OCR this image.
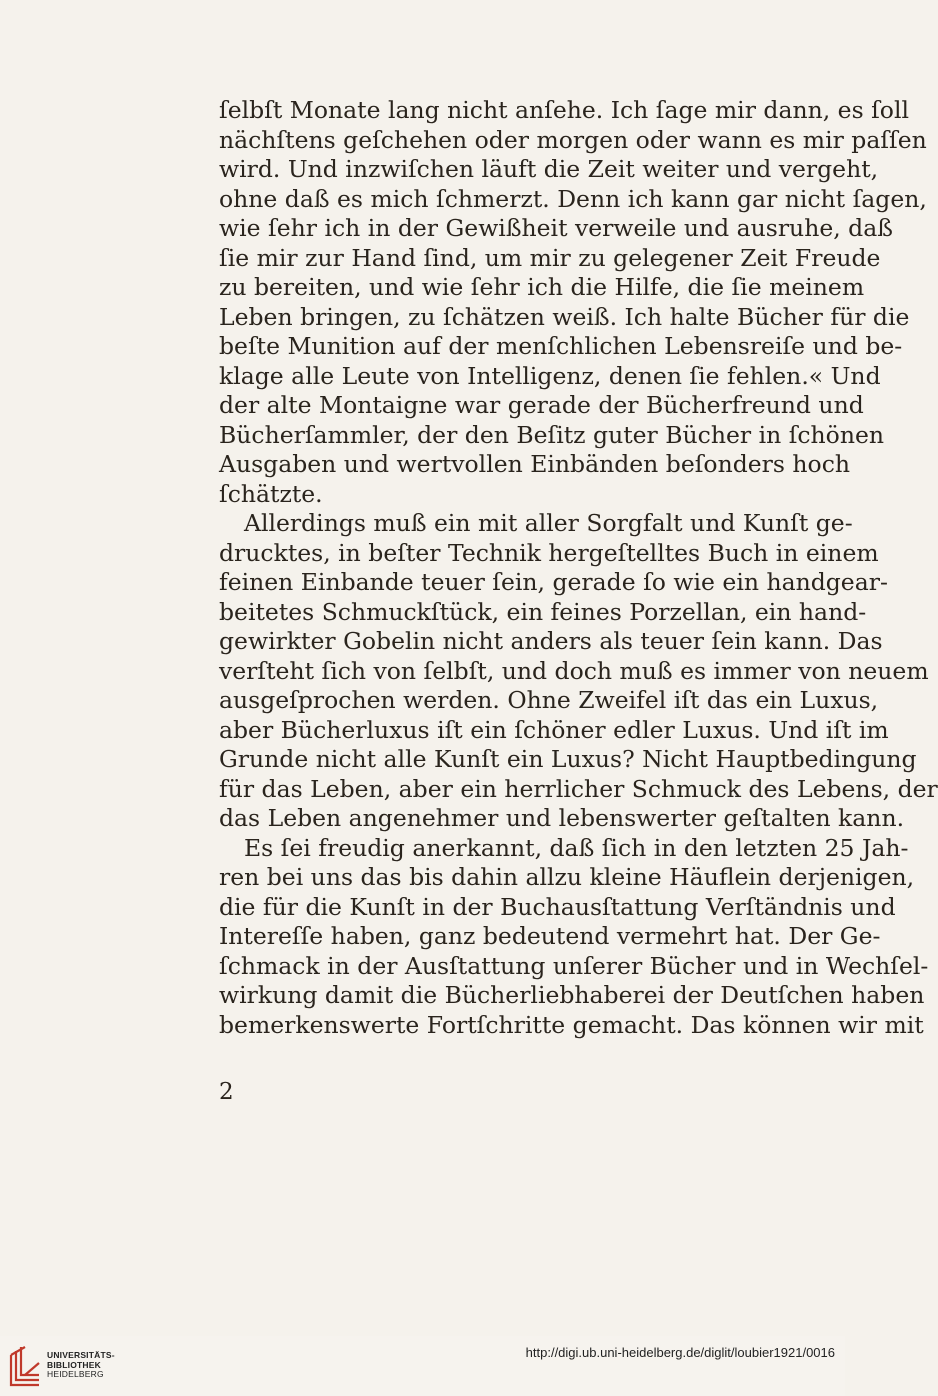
ſelbſt Monate lang nicht anſehe. Ich ſage mir dann, es ſoll
nächſtens geſchehen oder morgen oder wann es mir paſſen
wird. Und inzwiſchen läuft die Zeit weiter und vergeht,
ohne daß es mich ſchmerzt. Denn ich kann gar nicht ſagen,
wie ſehr ich in der Gewißheit verweile und ausruhe, daß
ſie mir zur Hand ſind, um mir zu gelegener Zeit Freude
zu bereiten, und wie ſehr ich die Hilfe, die ſie meinem
Leben bringen, zu ſchätzen weiß. Ich halte Bücher für die
beſte Munition auf der menſchlichen Lebensreiſe und be-
klage alle Leute von Intelligenz, denen ſie fehlen.« Und
der alte Montaigne war gerade der Bücherfreund und
Bücherſammler, der den Beſitz guter Bücher in ſchönen
Ausgaben und wertvollen Einbänden beſonders hoch
ſchätzte.
Allerdings muß ein mit aller Sorgfalt und Kunſt ge-
drucktes, in beſter Technik hergeſtelltes Buch in einem
feinen Einbande teuer ſein, gerade ſo wie ein handgear-
beitetes Schmuckſtück, ein feines Porzellan, ein hand-
gewirkter Gobelin nicht anders als teuer ſein kann. Das
verſteht ſich von ſelbſt, und doch muß es immer von neuem
ausgeſprochen werden. Ohne Zweifel iſt das ein Luxus,
aber Bücherluxus iſt ein ſchöner edler Luxus. Und iſt im
Grunde nicht alle Kunſt ein Luxus? Nicht Hauptbedingung
für das Leben, aber ein herrlicher Schmuck des Lebens, der
das Leben angenehmer und lebenswerter geſtalten kann.
Es ſei freudig anerkannt, daß ſich in den letzten 25 Jah-
ren bei uns das bis dahin allzu kleine Häuflein derjenigen,
die für die Kunſt in der Buchausſtattung Verſtändnis und
Intereſſe haben, ganz bedeutend vermehrt hat. Der Ge-
ſchmack in der Ausſtattung unſerer Bücher und in Wechſel-
wirkung damit die Bücherliebhaberei der Deutſchen haben
bemerkenswerte Fortſchritte gemacht. Das können wir mit
2
UNIVERSITÄTS-
BIBLIOTHEK
HEIDELBERG
http://digi.ub.uni-heidelberg.de/diglit/loubier1921/0016
